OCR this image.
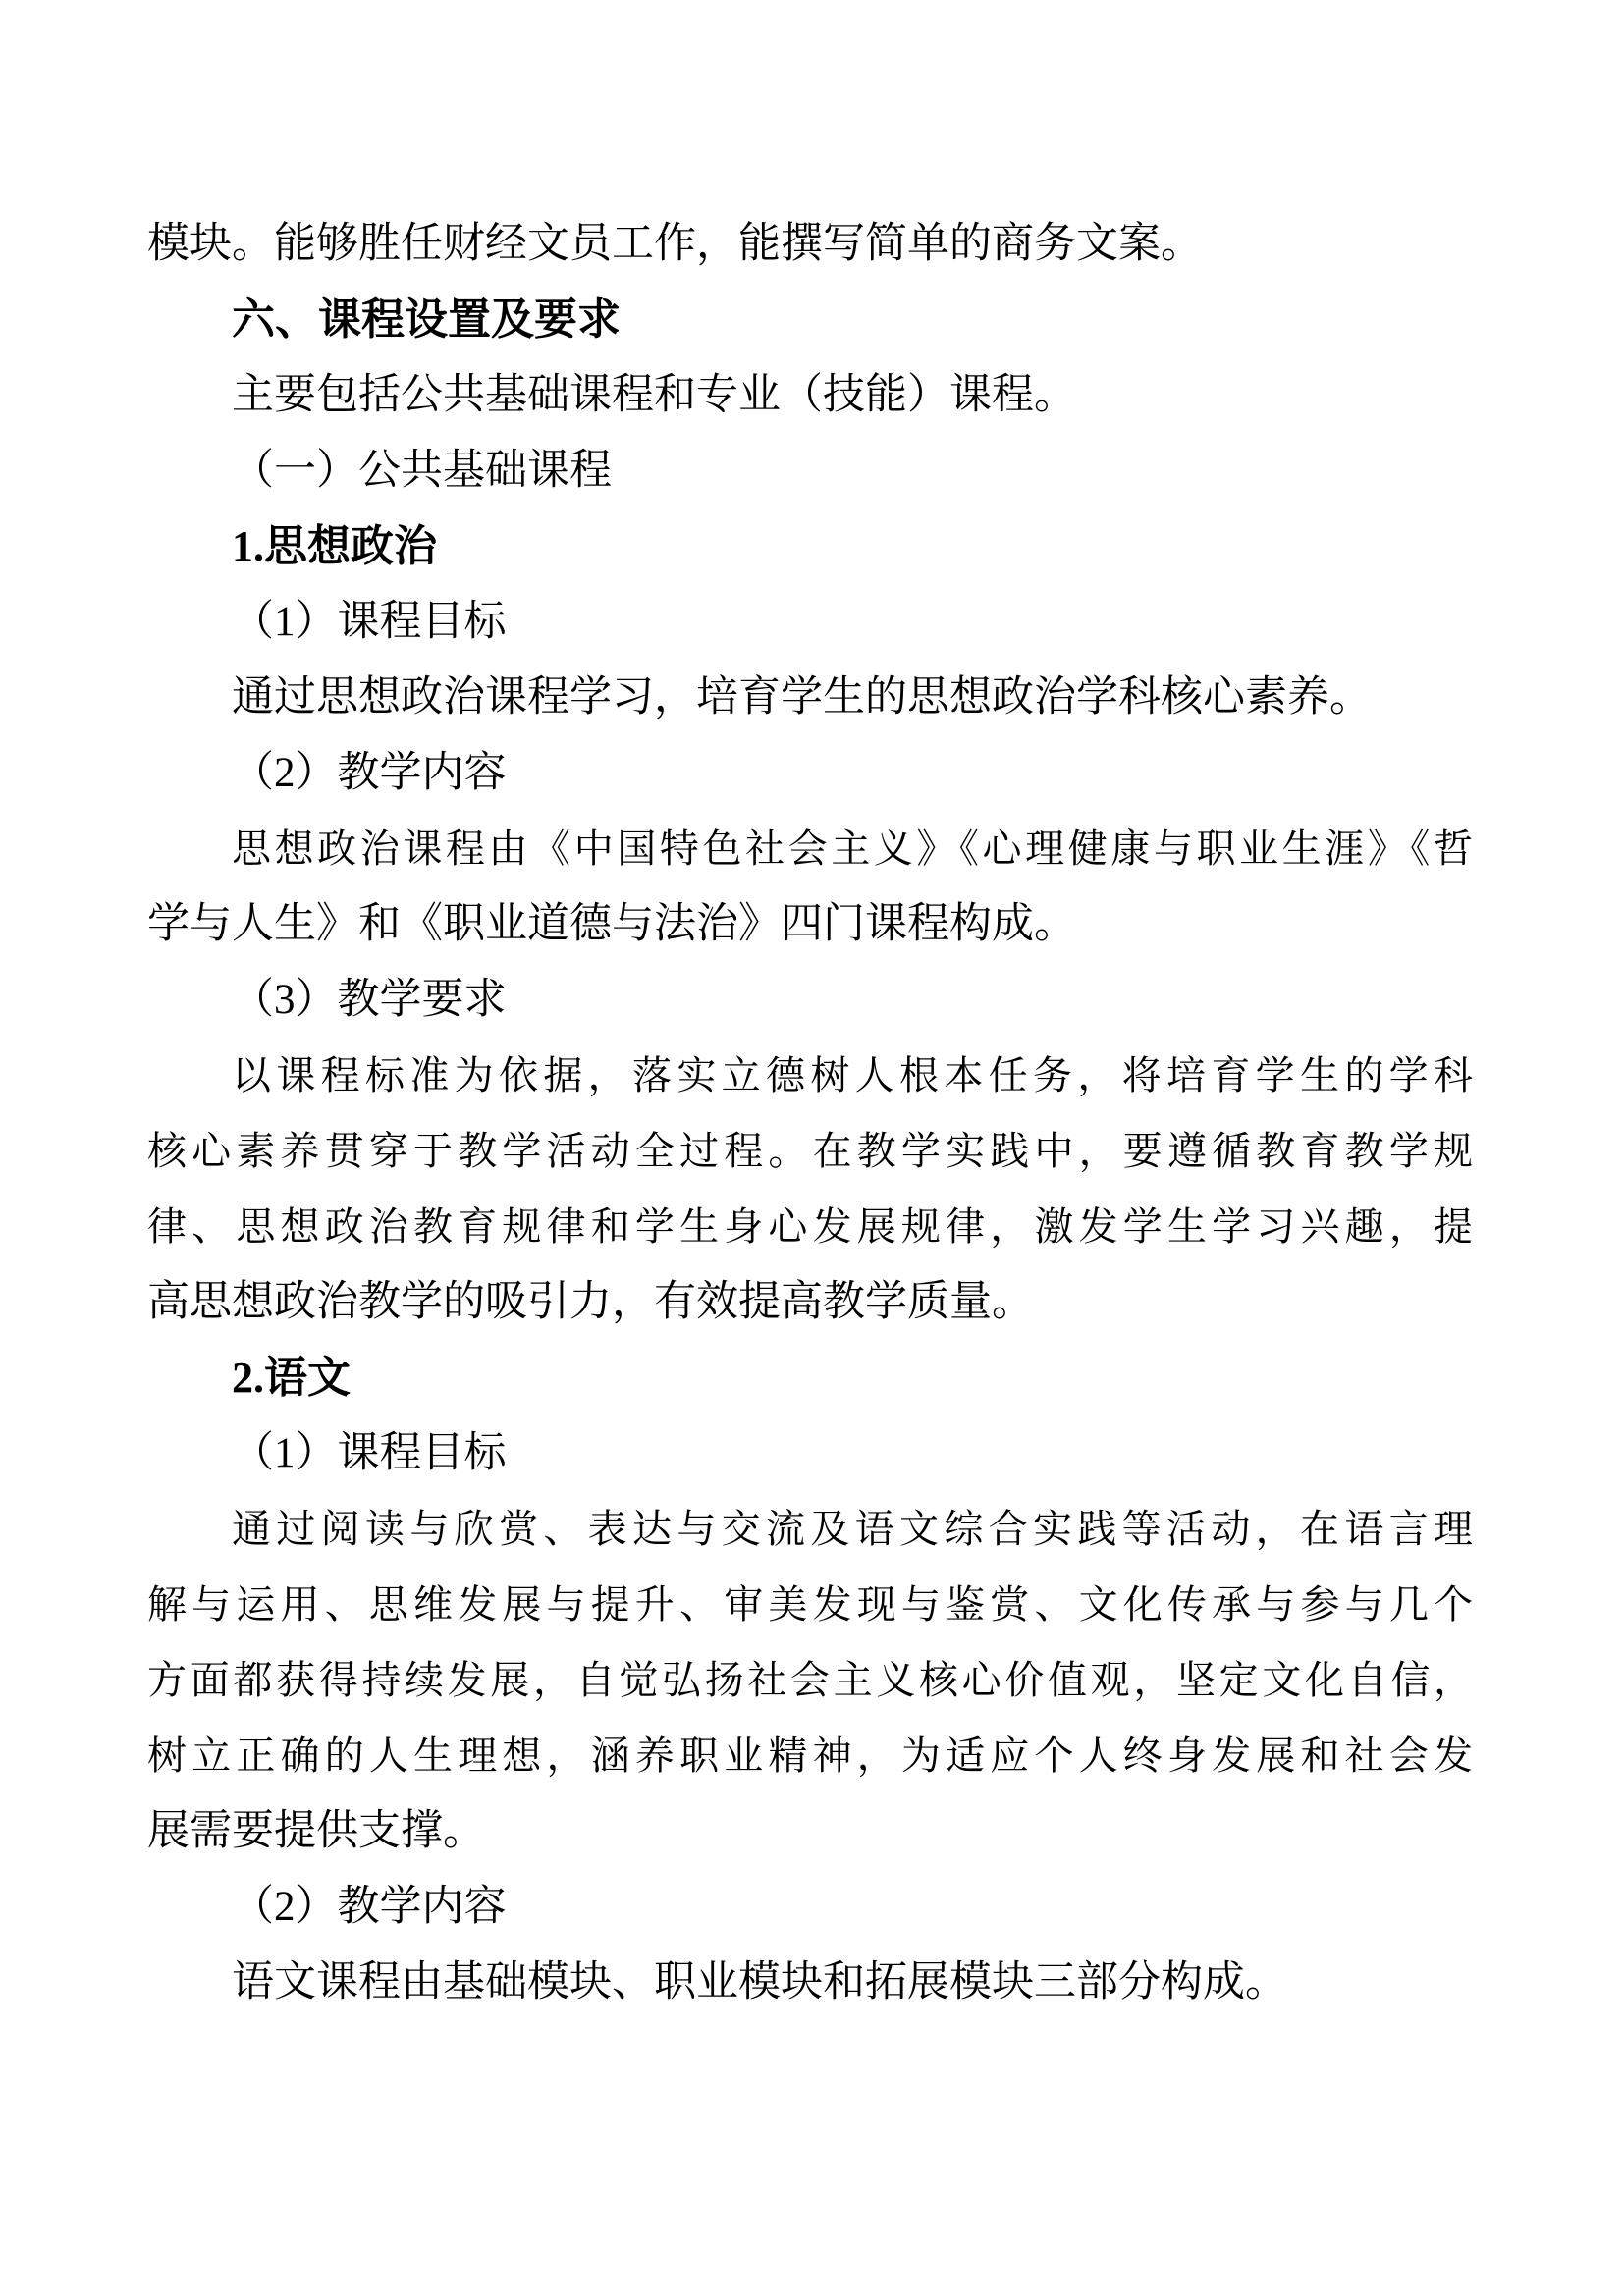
模块。能够胜任财经文员工作，能撰写简单的商务文案。
六、课程设置及要求
主要包括公共基础课程和专业（技能）课程。
（一）公共基础课程
1.思想政治
（1）课程目标
通过思想政治课程学习，培育学生的思想政治学科核心素养。
（2）教学内容
思想政治课程由《中国特色社会主义》《心理健康与职业生涯》《哲
学与人生》和《职业道德与法治》四门课程构成。
（3）教学要求
以课程标准为依据，落实立德树人根本任务，将培育学生的学科
核心素养贯穿于教学活动全过程。在教学实践中，要遵循教育教学规
律、思想政治教育规律和学生身心发展规律，激发学生学习兴趣，提
高思想政治教学的吸引力，有效提高教学质量。
2.语文
（1）课程目标
通过阅读与欣赏、表达与交流及语文综合实践等活动，在语言理
解与运用、思维发展与提升、审美发现与鉴赏、文化传承与参与几个
方面都获得持续发展，自觉弘扬社会主义核心价值观，坚定文化自信，
树立正确的人生理想，涵养职业精神，为适应个人终身发展和社会发
展需要提供支撑。
（2）教学内容
语文课程由基础模块、职业模块和拓展模块三部分构成。
